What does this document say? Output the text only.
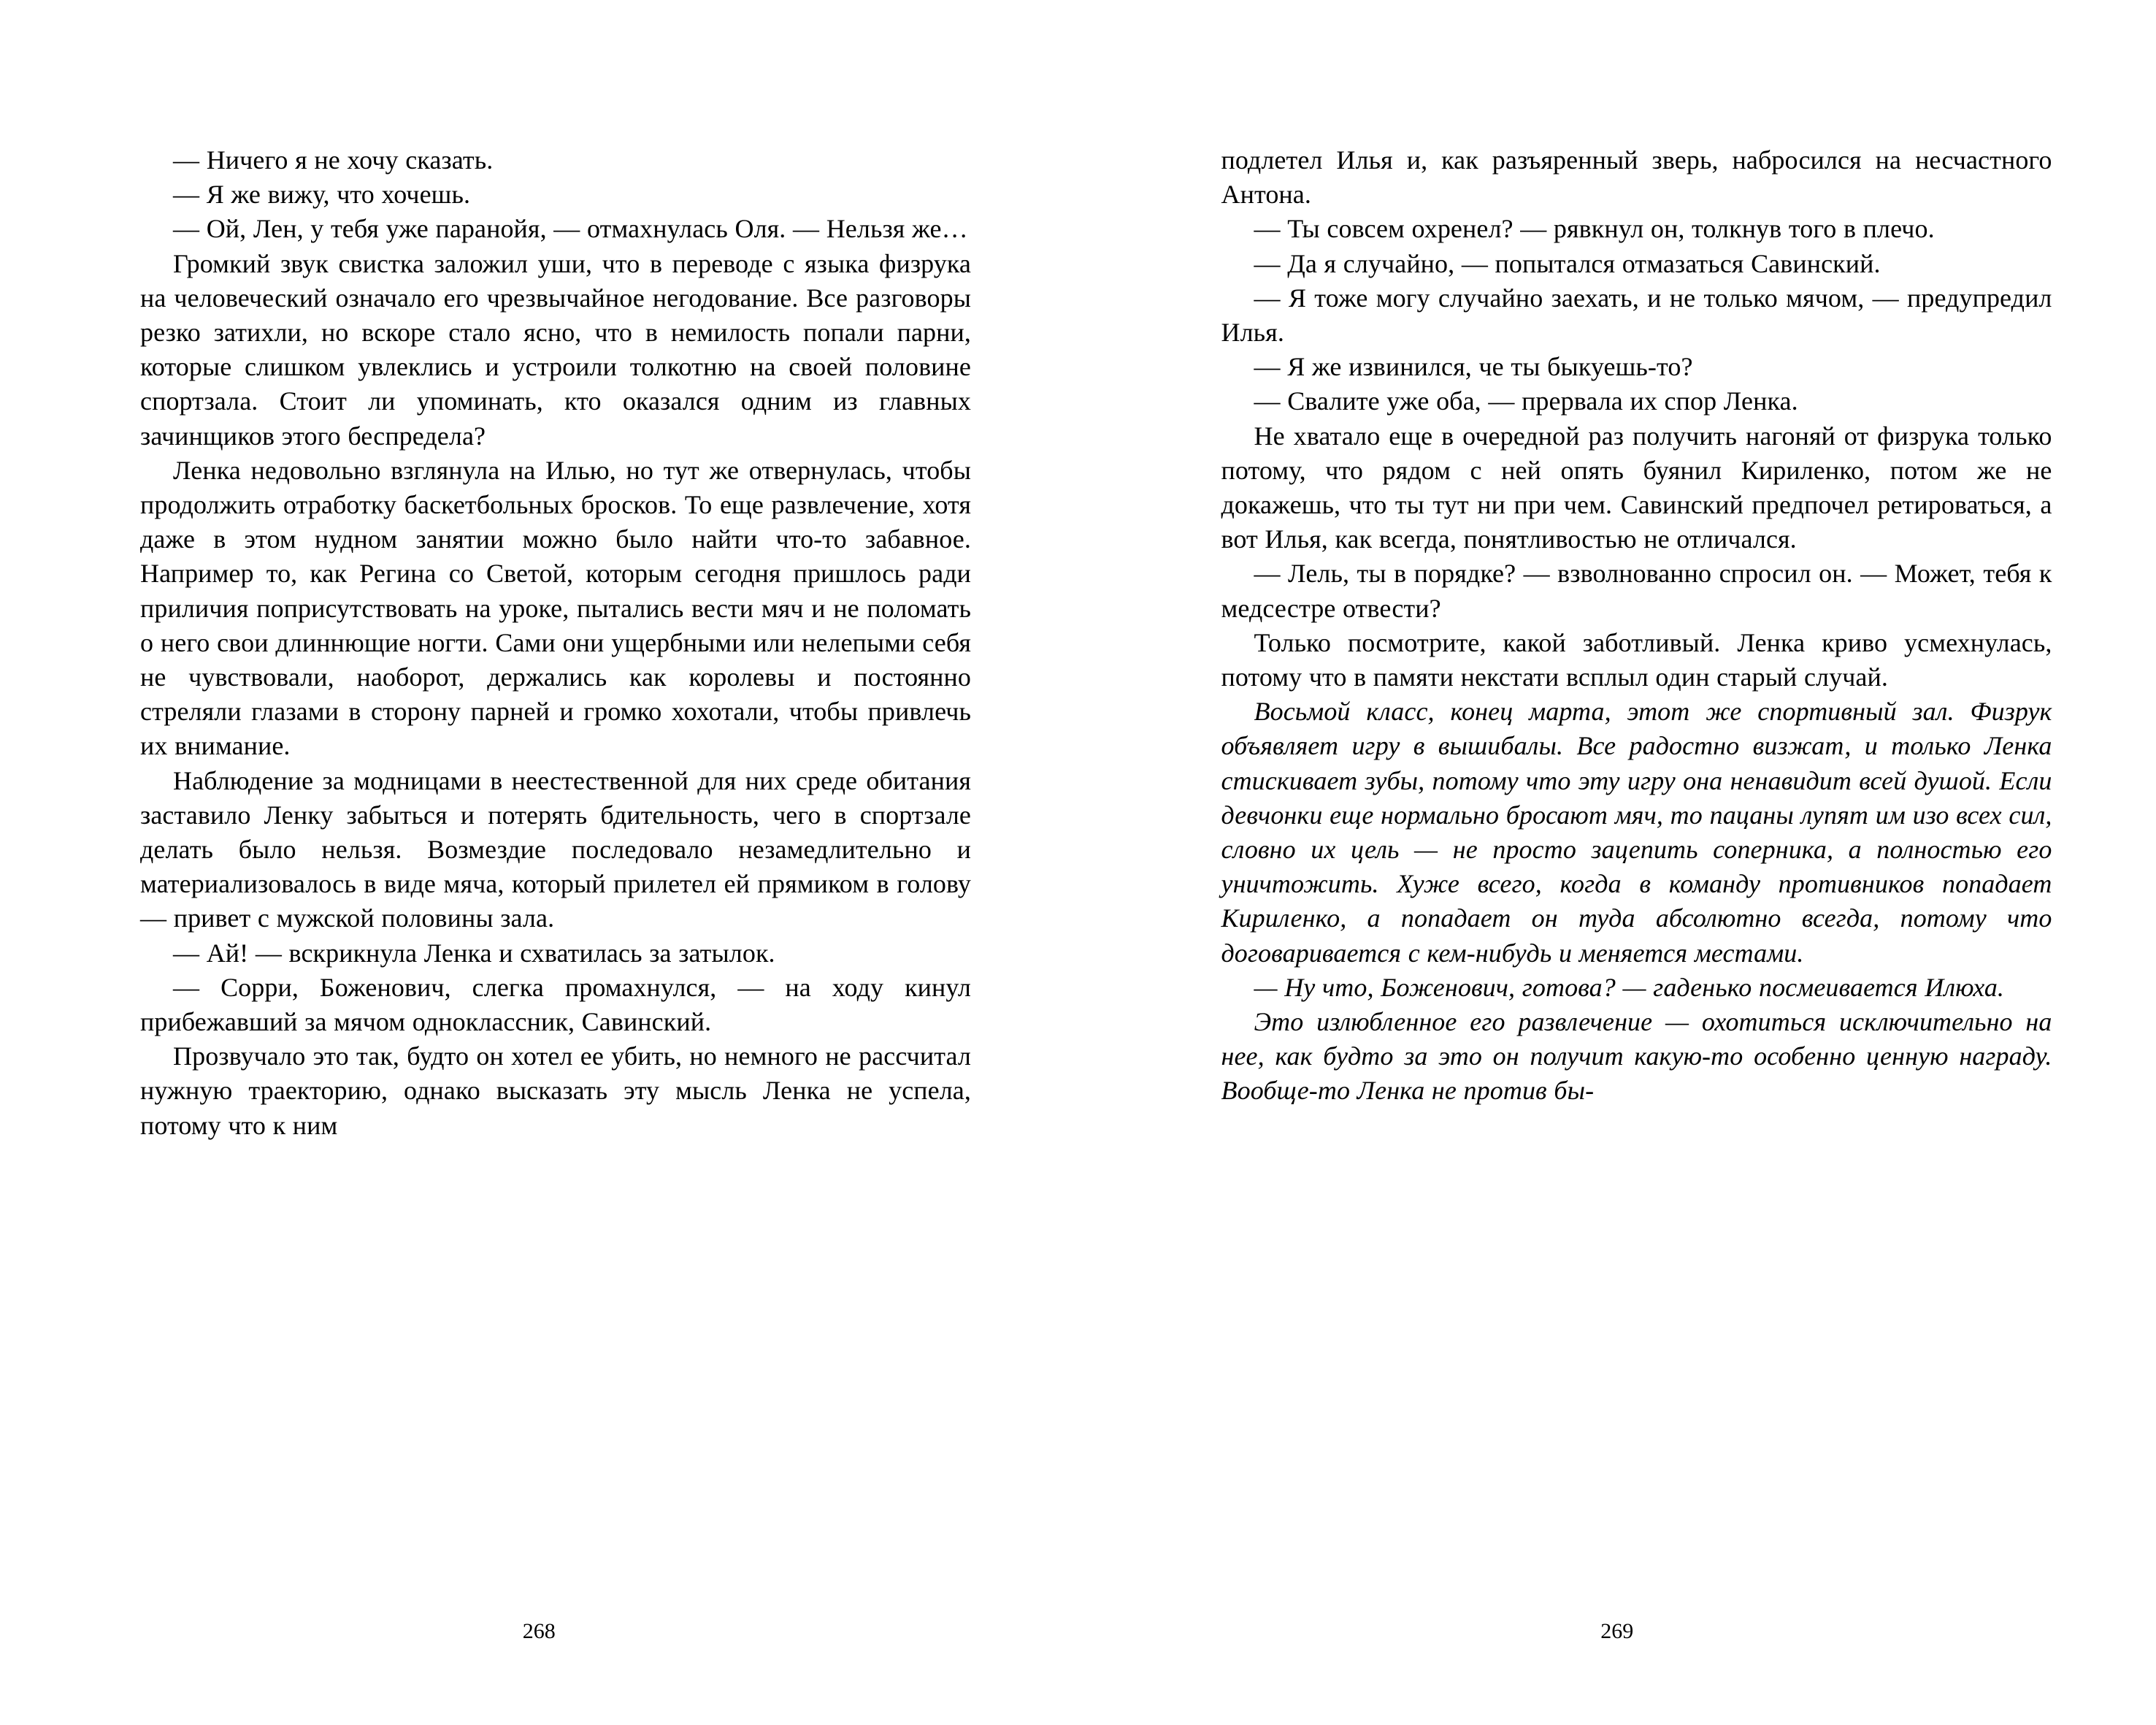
— Ничего я не хочу сказать.

— Я же вижу, что хочешь.

— Ой, Лен, у тебя уже паранойя, — отмахнулась Оля. — Нельзя же…

Громкий звук свистка заложил уши, что в переводе с языка физрука на человеческий означало его чрезвычайное негодование. Все разговоры резко затихли, но вскоре стало ясно, что в немилость попали парни, которые слишком увлеклись и устроили толкотню на своей половине спортзала. Стоит ли упоминать, кто оказался одним из главных зачинщиков этого беспредела?

Ленка недовольно взглянула на Илью, но тут же отвернулась, чтобы продолжить отработку баскетбольных бросков. То еще развлечение, хотя даже в этом нудном занятии можно было найти что-то забавное. Например то, как Регина со Светой, которым сегодня пришлось ради приличия поприсутствовать на уроке, пытались вести мяч и не поломать о него свои длиннющие ногти. Сами они ущербными или нелепыми себя не чувствовали, наоборот, держались как королевы и постоянно стреляли глазами в сторону парней и громко хохотали, чтобы привлечь их внимание.

Наблюдение за модницами в неестественной для них среде обитания заставило Ленку забыться и потерять бдительность, чего в спортзале делать было нельзя. Возмездие последовало незамедлительно и материализовалось в виде мяча, который прилетел ей прямиком в голову — привет с мужской половины зала.

— Ай! — вскрикнула Ленка и схватилась за затылок.

— Сорри, Боженович, слегка промахнулся, — на ходу кинул прибежавший за мячом одноклассник, Савинский.

Прозвучало это так, будто он хотел ее убить, но немного не рассчитал нужную траекторию, однако высказать эту мысль Ленка не успела, потому что к ним

268

подлетел Илья и, как разъяренный зверь, набросился на несчастного Антона.

— Ты совсем охренел? — рявкнул он, толкнув того в плечо.

— Да я случайно, — попытался отмазаться Савинский.

— Я тоже могу случайно заехать, и не только мячом, — предупредил Илья.

— Я же извинился, че ты быкуешь-то?

— Свалите уже оба, — прервала их спор Ленка.

Не хватало еще в очередной раз получить нагоняй от физрука только потому, что рядом с ней опять буянил Кириленко, потом же не докажешь, что ты тут ни при чем. Савинский предпочел ретироваться, а вот Илья, как всегда, понятливостью не отличался.

— Лель, ты в порядке? — взволнованно спросил он. — Может, тебя к медсестре отвести?

Только посмотрите, какой заботливый. Ленка криво усмехнулась, потому что в памяти некстати всплыл один старый случай.

Восьмой класс, конец марта, этот же спортивный зал. Физрук объявляет игру в вышибалы. Все радостно визжат, и только Ленка стискивает зубы, потому что эту игру она ненавидит всей душой. Если девчонки еще нормально бросают мяч, то пацаны лупят им изо всех сил, словно их цель — не просто зацепить соперника, а полностью его уничтожить. Хуже всего, когда в команду противников попадает Кириленко, а попадает он туда абсолютно всегда, потому что договаривается с кем-нибудь и меняется местами.

— Ну что, Боженович, готова? — гаденько посмеивается Илюха.

Это излюбленное его развлечение — охотиться исключительно на нее, как будто за это он получит какую-то особенно ценную награду. Вообще-то Ленка не против бы-

269
